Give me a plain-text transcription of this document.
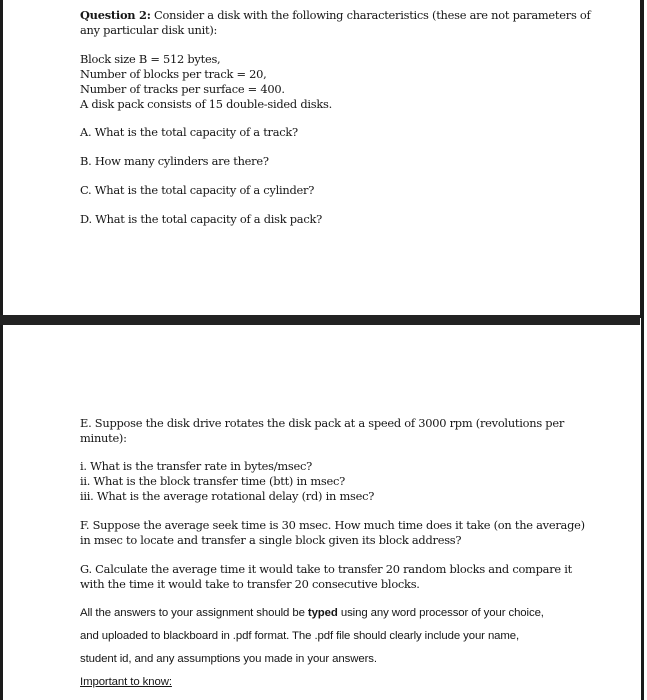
Question 2: Consider a disk with the following characteristics (these are not parameters of
any particular disk unit):
Block size B = 512 bytes,
Number of blocks per track = 20,
Number of tracks per surface = 400.
A disk pack consists of 15 double-sided disks.
A. What is the total capacity of a track?
B. How many cylinders are there?
C. What is the total capacity of a cylinder?
D. What is the total capacity of a disk pack?
E. Suppose the disk drive rotates the disk pack at a speed of 3000 rpm (revolutions per
minute):
i. What is the transfer rate in bytes/msec?
ii. What is the block transfer time (btt) in msec?
iii. What is the average rotational delay (rd) in msec?
F. Suppose the average seek time is 30 msec. How much time does it take (on the average)
in msec to locate and transfer a single block given its block address?
G. Calculate the average time it would take to transfer 20 random blocks and compare it
with the time it would take to transfer 20 consecutive blocks.
All the answers to your assignment should be typed using any word processor of your choice,
and uploaded to blackboard in .pdf format. The .pdf file should clearly include your name,
student id, and any assumptions you made in your answers.
Important to know:
